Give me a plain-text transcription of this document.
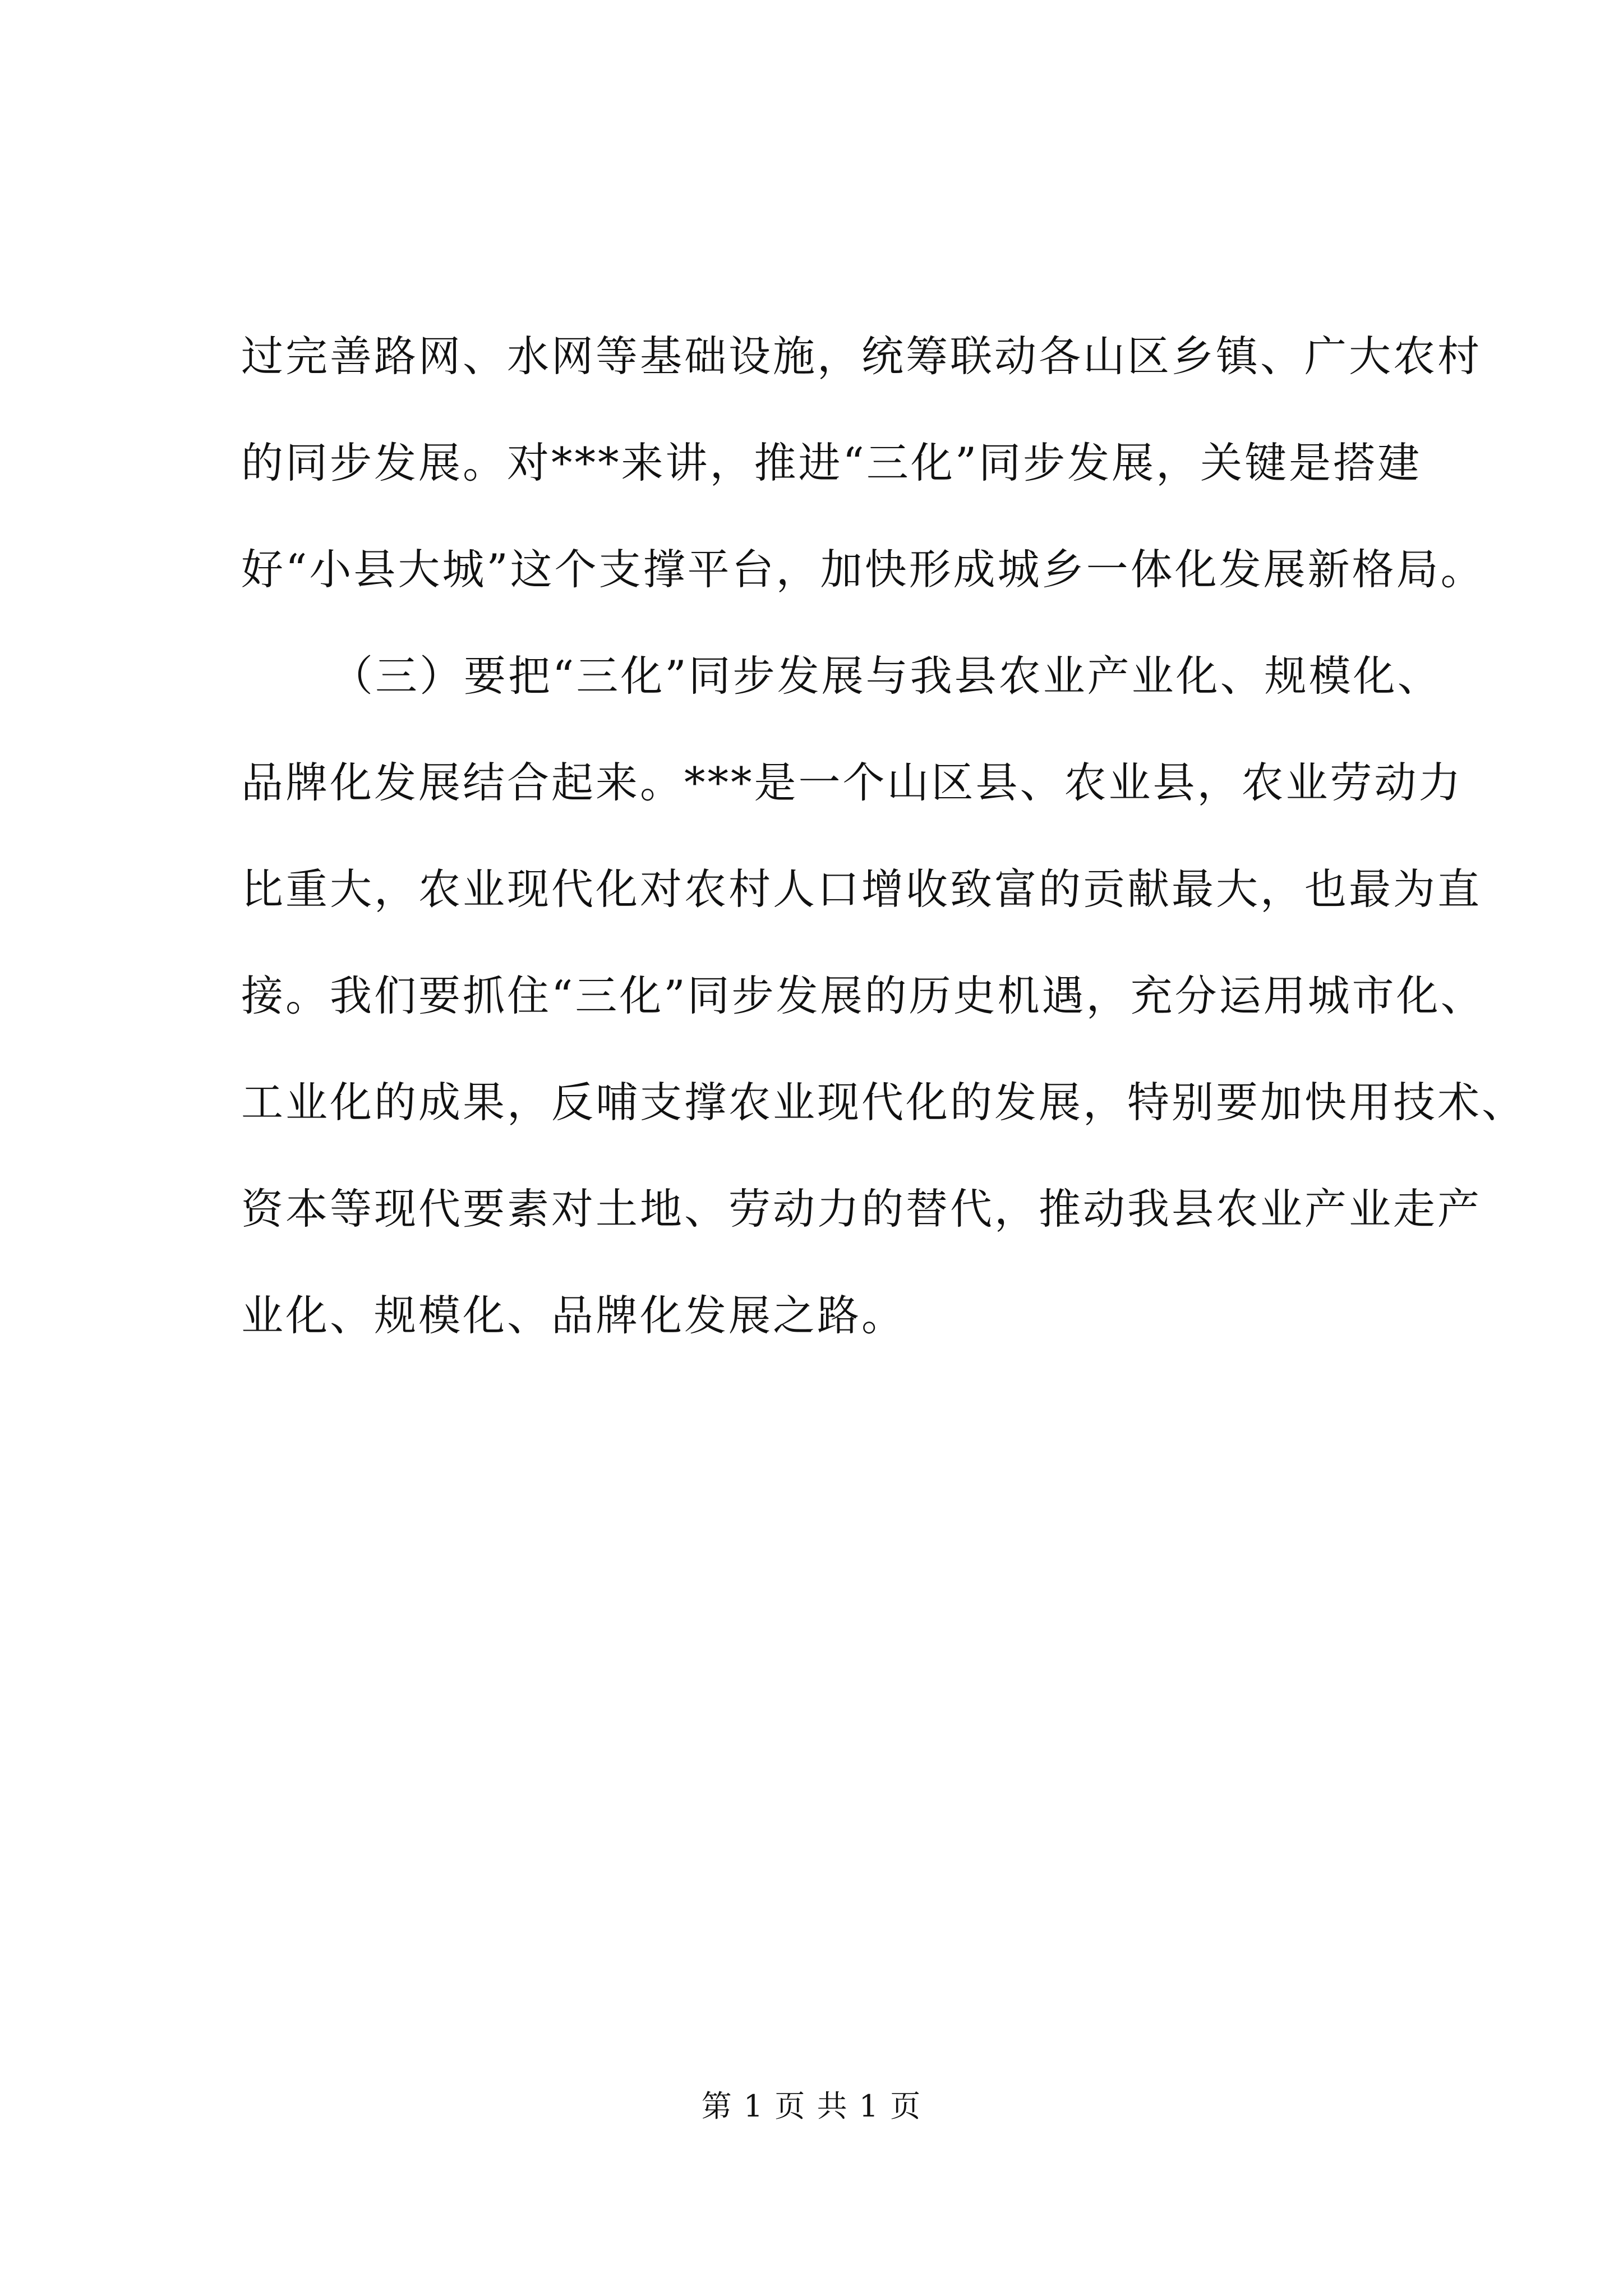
过完善路网、水网等基础设施，统筹联动各山区乡镇、广大农村
的同步发展。对***来讲，推进“三化”同步发展，关键是搭建
好“小县大城”这个支撑平台，加快形成城乡一体化发展新格局。
（三）要把“三化”同步发展与我县农业产业化、规模化、
品牌化发展结合起来。***是一个山区县、农业县，农业劳动力
比重大，农业现代化对农村人口增收致富的贡献最大，也最为直
接。我们要抓住“三化”同步发展的历史机遇，充分运用城市化、
工业化的成果，反哺支撑农业现代化的发展，特别要加快用技术、
资本等现代要素对土地、劳动力的替代，推动我县农业产业走产
业化、规模化、品牌化发展之路。
第 1 页 共 1 页
